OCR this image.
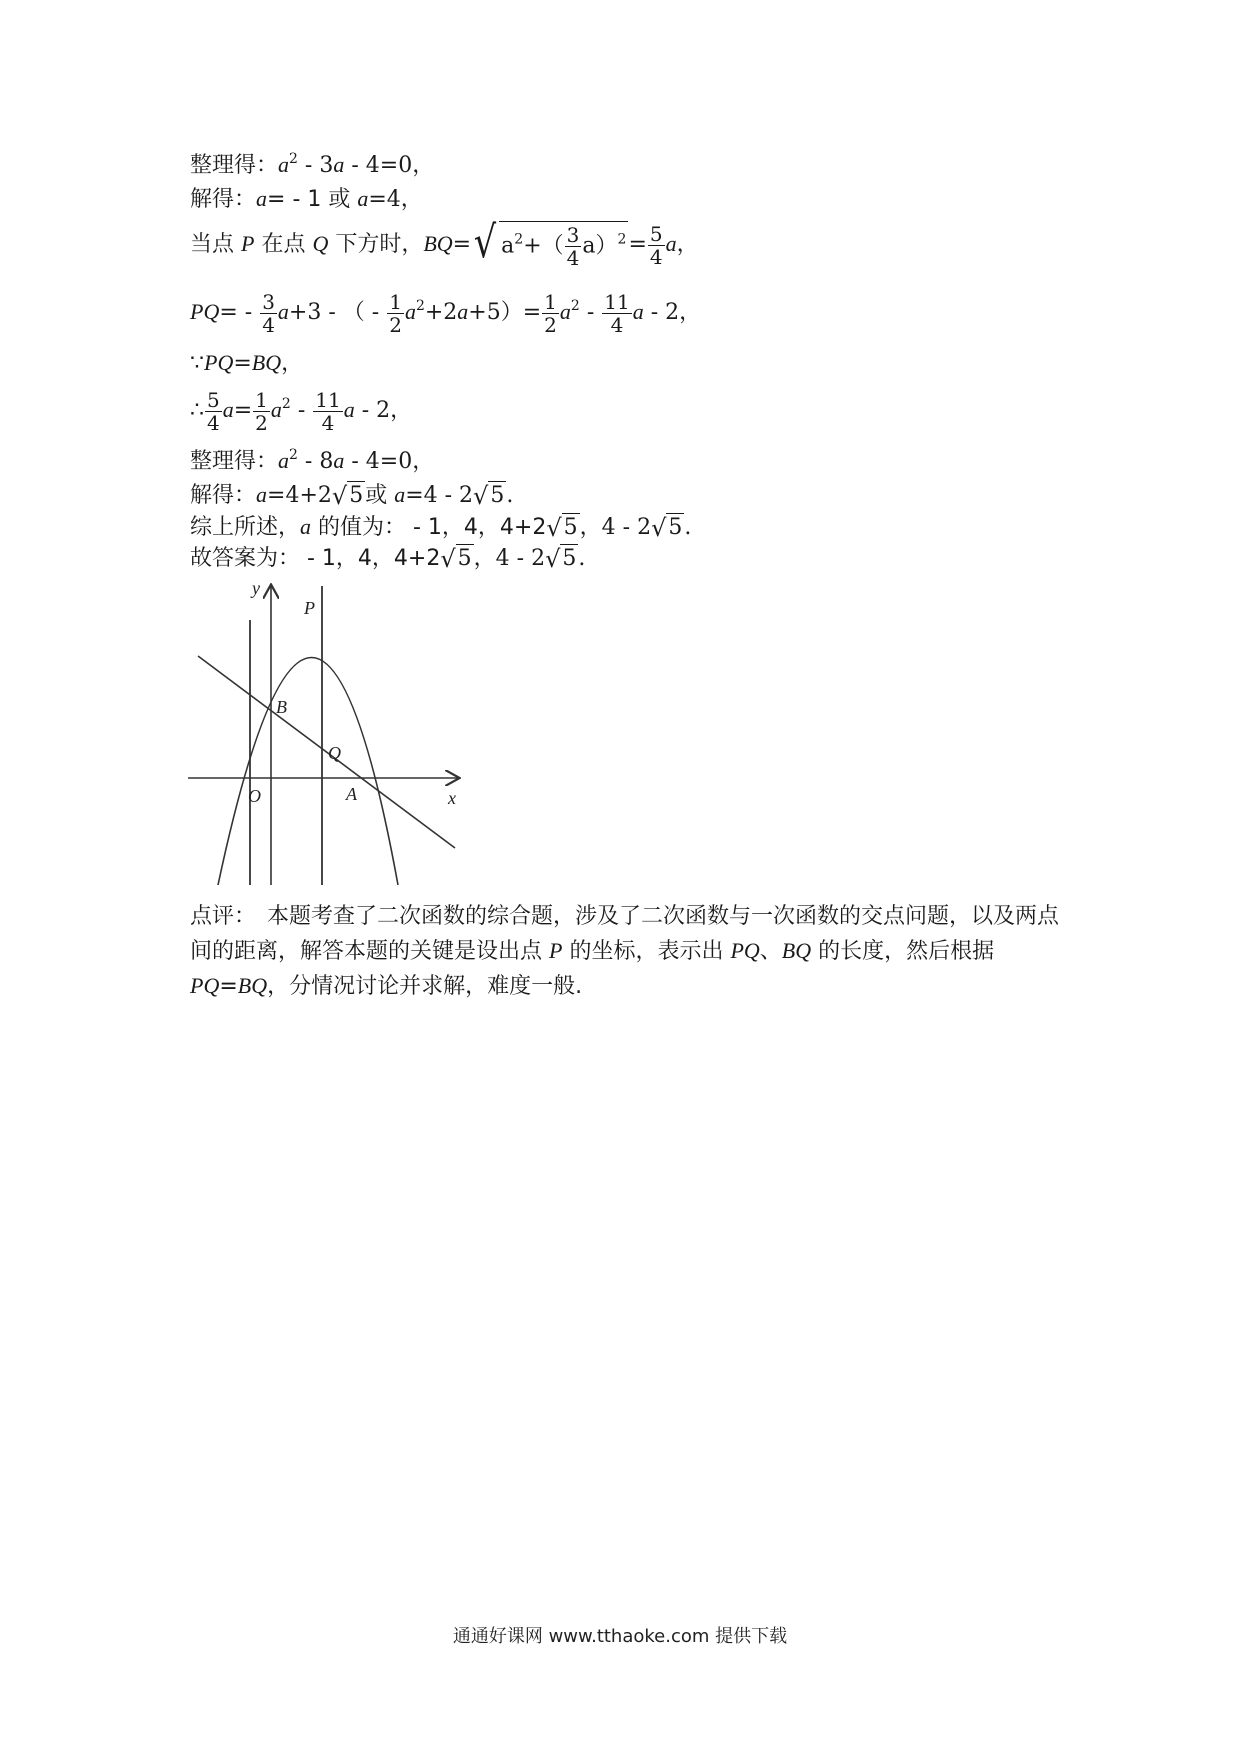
整理得：$a^2 - 3a - 4=0$，
解得：a= - 1 或 a=4，
当点 P 在点 Q 下方时，BQ= √ $a^2+( \frac{3}{4} a)^2 = \frac{5}{4}$ a，
$PQ= - \frac{3}{4} a+3$ - （ - $\frac{1}{2} a^2+2a+5)= \frac{1}{2} a^2 - \frac{11}{4}$ a - 2，
∵PQ=BQ，
∴ $\frac{5}{4} a= \frac{1}{2} a^2 - \frac{11}{4}$ a - 2，
整理得：$a^2 - 8a - 4=0$，
解得：a=4+2 √ 5 或 a=4 - 2 √ 5 .
综上所述，a 的值为： - 1，4，4+2 √ 5 ，4 - 2 √ 5 .
故答案为： - 1，4，4+2 √ 5 ，4 - 2 √ 5 .
y
x
P
B
Q
O	A

点评：　 本题考查了二次函数的综合题，涉及了二次函数与一次函数的交点问题，以及两点间的距离，解答本题的关键是设出点 P 的坐标，表示出 PQ、BQ 的长度，然后根据 PQ=BQ，分情况讨论并求解，难度一般.

通通好课网 www.tthaoke.com 提供下载
